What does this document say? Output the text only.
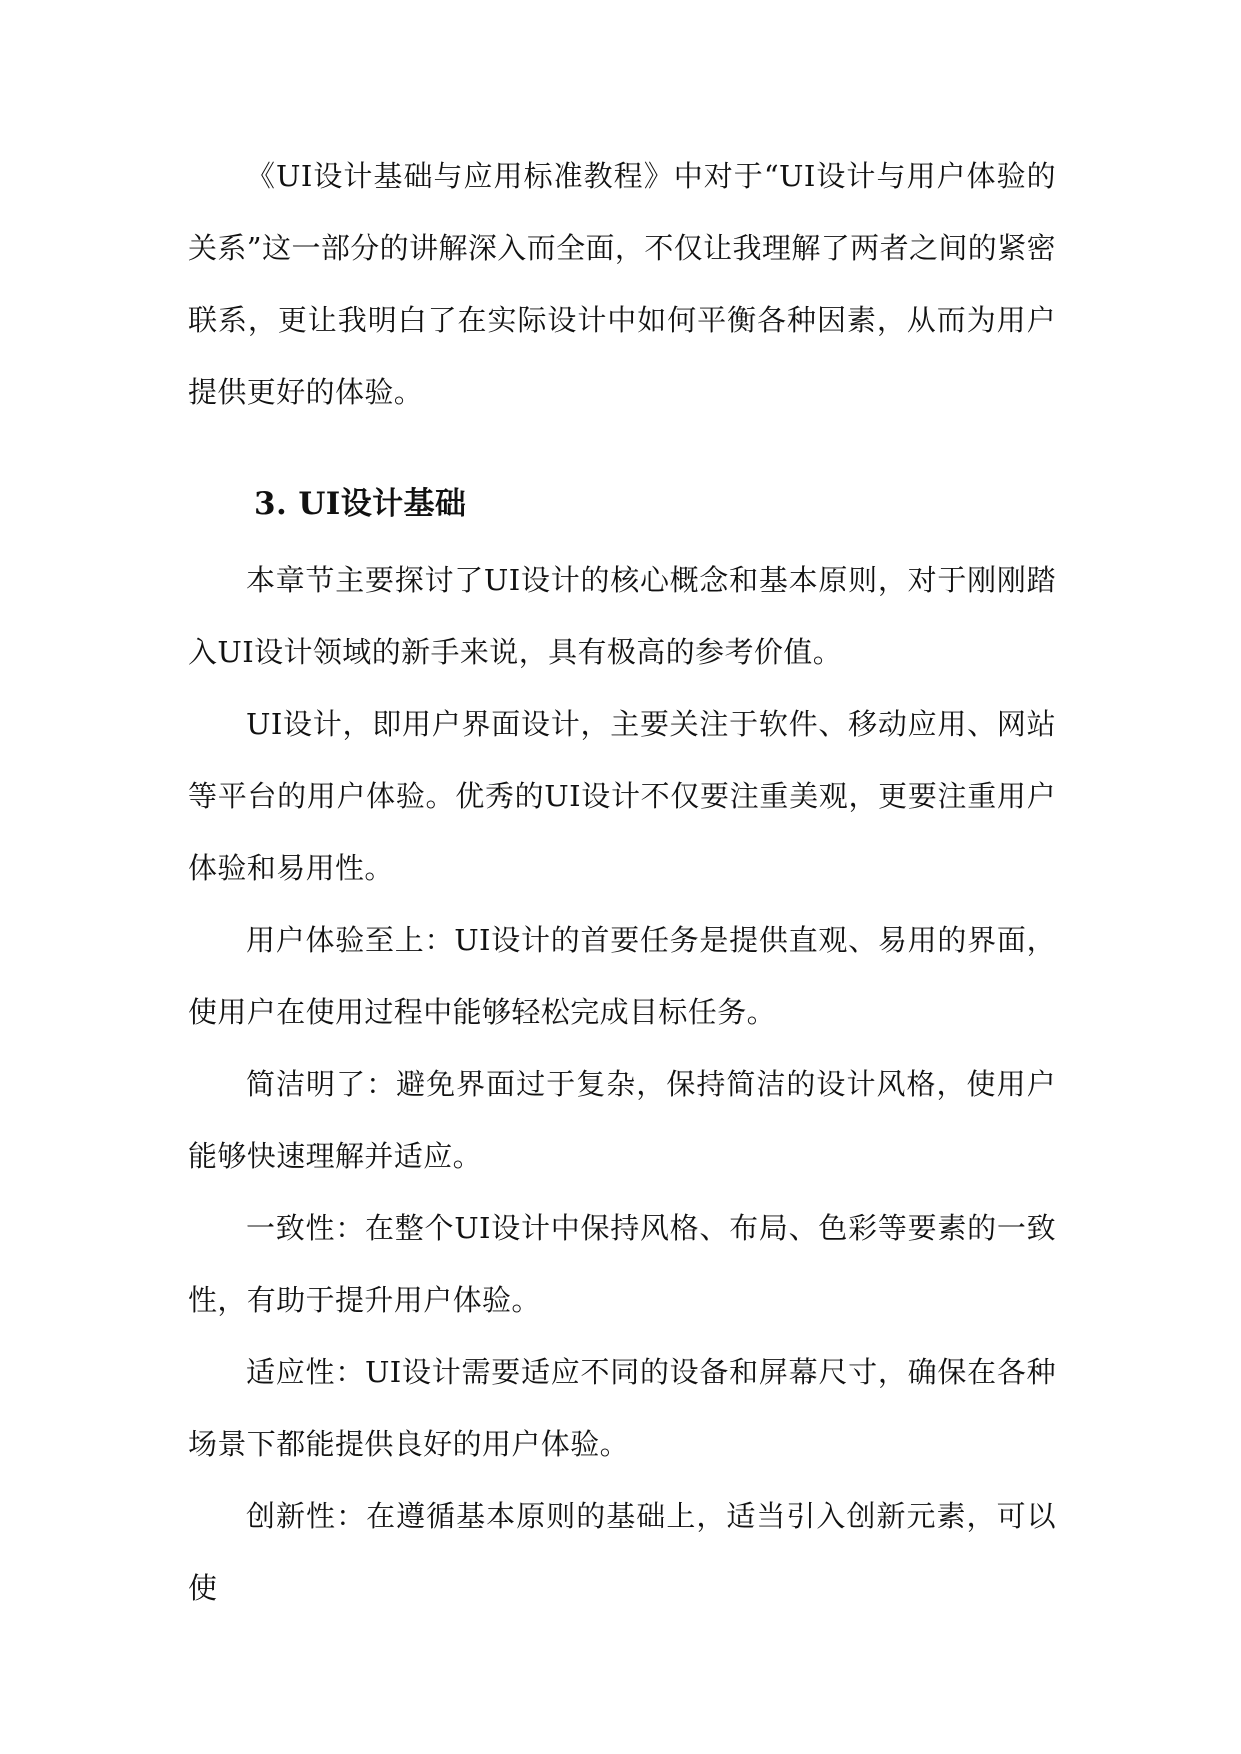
《UI设计基础与应用标准教程》中对于“UI设计与用户体验的关系”这一部分的讲解深入而全面，不仅让我理解了两者之间的紧密联系，更让我明白了在实际设计中如何平衡各种因素，从而为用户提供更好的体验。

3. UI设计基础

本章节主要探讨了UI设计的核心概念和基本原则，对于刚刚踏入UI设计领域的新手来说，具有极高的参考价值。

UI设计，即用户界面设计，主要关注于软件、移动应用、网站等平台的用户体验。优秀的UI设计不仅要注重美观，更要注重用户体验和易用性。

用户体验至上：UI设计的首要任务是提供直观、易用的界面，使用户在使用过程中能够轻松完成目标任务。

简洁明了：避免界面过于复杂，保持简洁的设计风格，使用户能够快速理解并适应。

一致性：在整个UI设计中保持风格、布局、色彩等要素的一致性，有助于提升用户体验。

适应性：UI设计需要适应不同的设备和屏幕尺寸，确保在各种场景下都能提供良好的用户体验。

创新性：在遵循基本原则的基础上，适当引入创新元素，可以使
